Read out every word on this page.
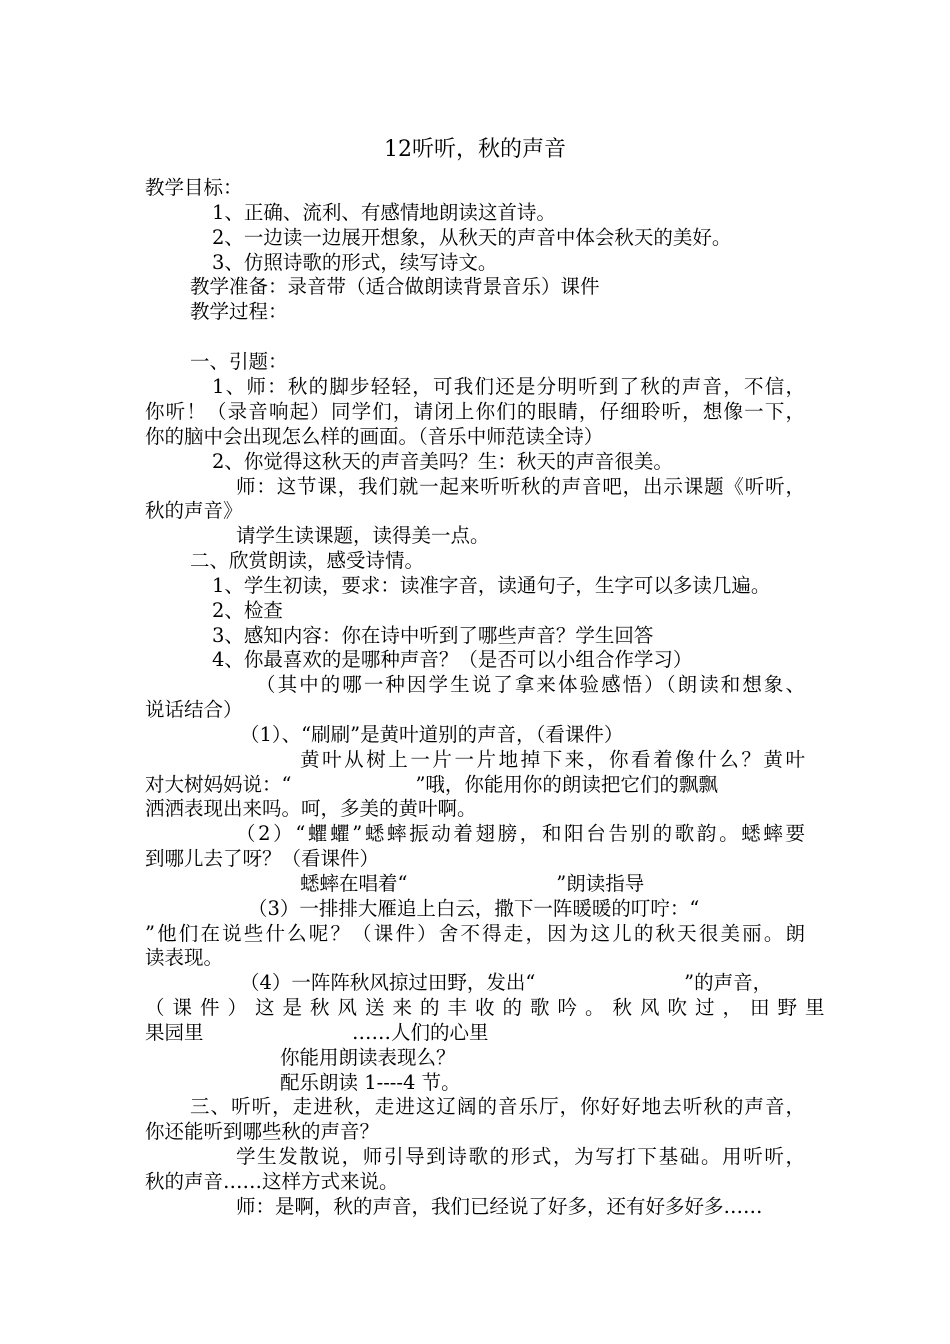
12听听，秋的声音
教学目标：
1、正确、流利、有感情地朗读这首诗。
2、一边读一边展开想象，从秋天的声音中体会秋天的美好。
3、仿照诗歌的形式，续写诗文。
教学准备：录音带（适合做朗读背景音乐）课件
教学过程：
一、引题：
1、师：秋的脚步轻轻，可我们还是分明听到了秋的声音，不信，
你听！（录音响起）同学们，请闭上你们的眼睛，仔细聆听，想像一下，
你的脑中会出现怎么样的画面。（音乐中师范读全诗）
2、你觉得这秋天的声音美吗？生：秋天的声音很美。
师：这节课，我们就一起来听听秋的声音吧，出示课题《听听，
秋的声音》
请学生读课题，读得美一点。
二、欣赏朗读，感受诗情。
1、学生初读，要求：读准字音，读通句子，生字可以多读几遍。
2、检查
3、感知内容：你在诗中听到了哪些声音？学生回答
4、你最喜欢的是哪种声音？（是否可以小组合作学习）
（其中的哪一种因学生说了拿来体验感悟）（朗读和想象、
说话结合）
（1）、“刷刷”是黄叶道别的声音，（看课件）
黄叶从树上一片一片地掉下来，你看着像什么？黄叶
对大树妈妈说：“                    ”哦，你能用你的朗读把它们的飘飘
洒洒表现出来吗。呵，多美的黄叶啊。
（2）“蠷蠷”蟋蟀振动着翅膀，和阳台告别的歌韵。蟋蟀要
到哪儿去了呀？（看课件）
蟋蟀在唱着“                        ”朗读指导
（3）一排排大雁追上白云，撒下一阵暖暖的叮咛：“
”他们在说些什么呢？（课件）舍不得走，因为这儿的秋天很美丽。朗
读表现。
（4）一阵阵秋风掠过田野，发出“                        ”的声音，
（课件）这是秋风送来的丰收的歌吟。秋风吹过，田野里
果园里	……人们的心里
你能用朗读表现么？
配乐朗读 1----4 节。
三、听听，走进秋，走进这辽阔的音乐厅，你好好地去听秋的声音，
你还能听到哪些秋的声音？
学生发散说，师引导到诗歌的形式，为写打下基础。用听听，
秋的声音……这样方式来说。
师：是啊，秋的声音，我们已经说了好多，还有好多好多……
